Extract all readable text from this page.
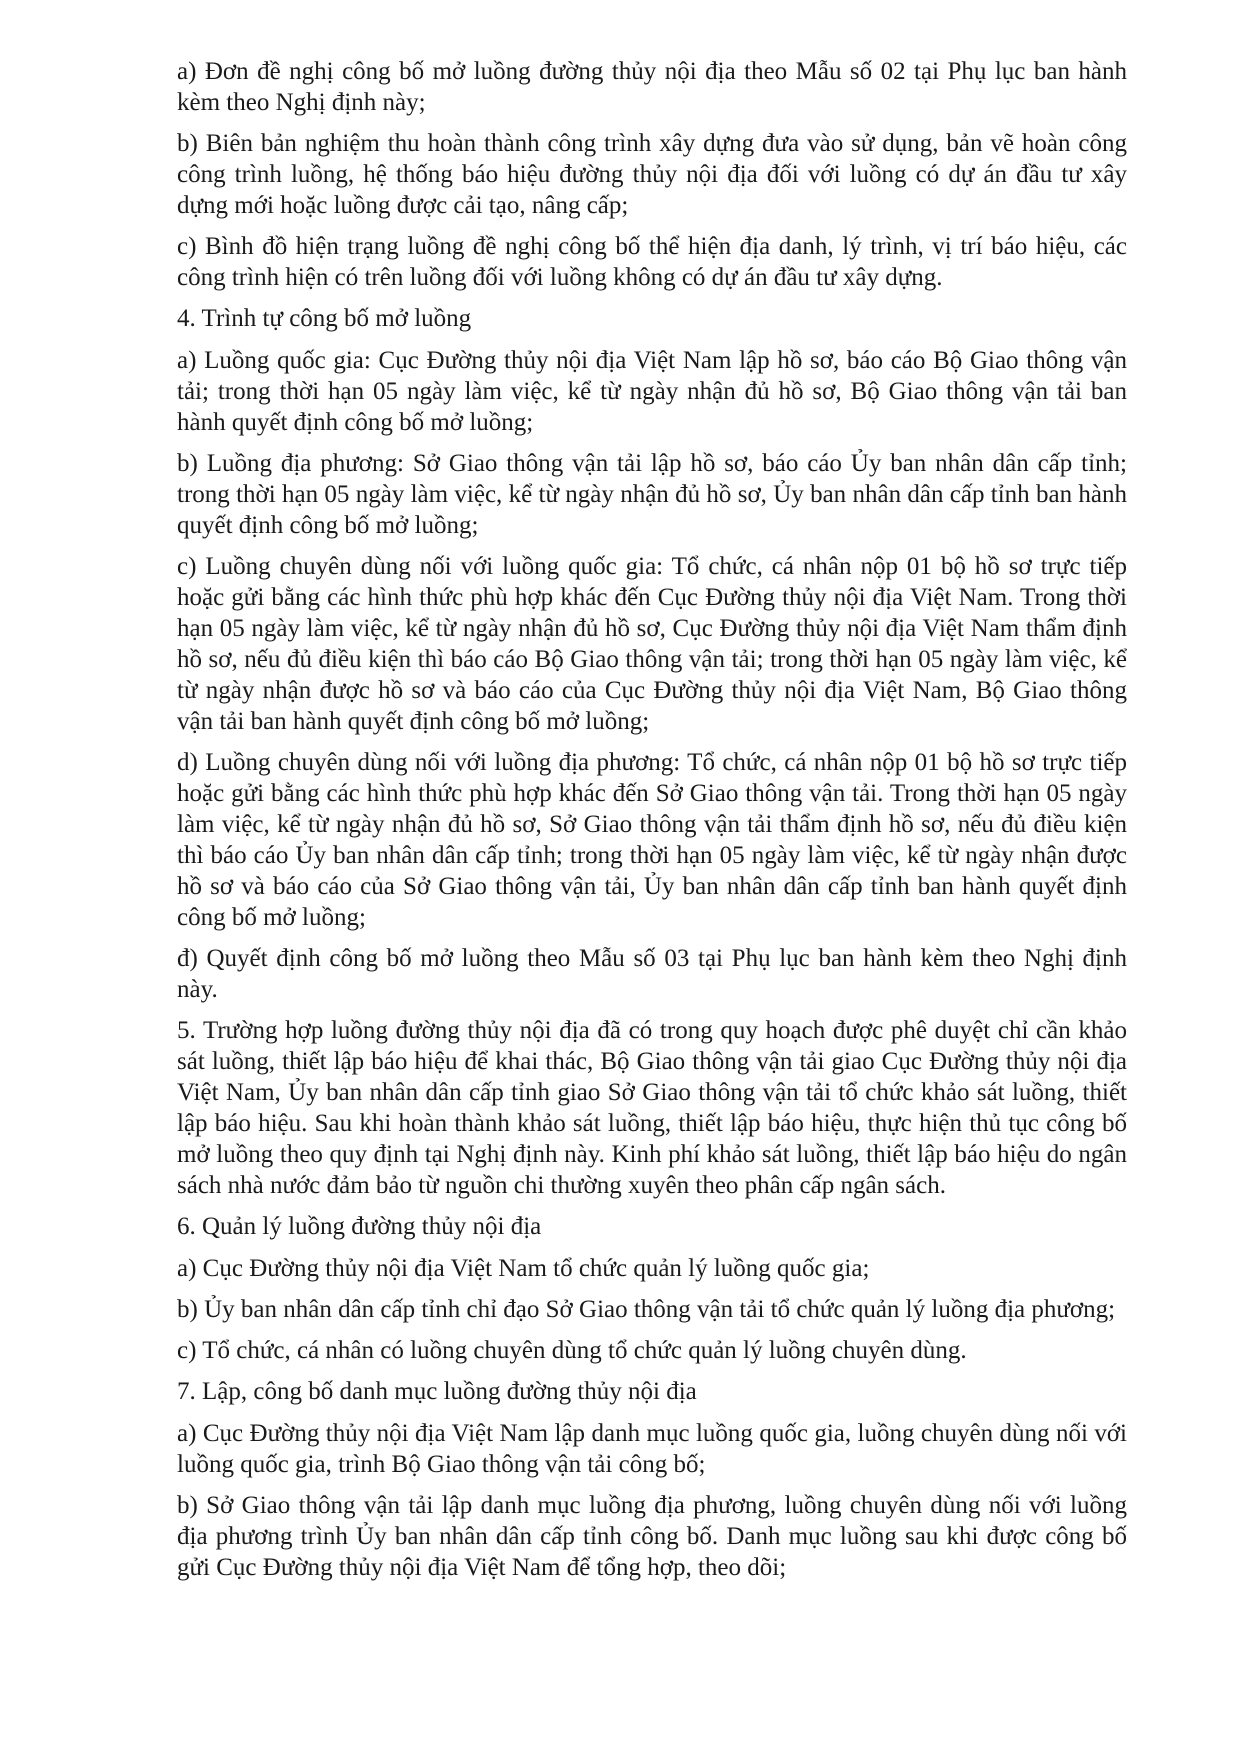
a) Đơn đề nghị công bố mở luồng đường thủy nội địa theo Mẫu số 02 tại Phụ lục ban hành kèm theo Nghị định này;

b) Biên bản nghiệm thu hoàn thành công trình xây dựng đưa vào sử dụng, bản vẽ hoàn công công trình luồng, hệ thống báo hiệu đường thủy nội địa đối với luồng có dự án đầu tư xây dựng mới hoặc luồng được cải tạo, nâng cấp;

c) Bình đồ hiện trạng luồng đề nghị công bố thể hiện địa danh, lý trình, vị trí báo hiệu, các công trình hiện có trên luồng đối với luồng không có dự án đầu tư xây dựng.

4. Trình tự công bố mở luồng

a) Luồng quốc gia: Cục Đường thủy nội địa Việt Nam lập hồ sơ, báo cáo Bộ Giao thông vận tải; trong thời hạn 05 ngày làm việc, kể từ ngày nhận đủ hồ sơ, Bộ Giao thông vận tải ban hành quyết định công bố mở luồng;

b) Luồng địa phương: Sở Giao thông vận tải lập hồ sơ, báo cáo Ủy ban nhân dân cấp tỉnh; trong thời hạn 05 ngày làm việc, kể từ ngày nhận đủ hồ sơ, Ủy ban nhân dân cấp tỉnh ban hành quyết định công bố mở luồng;

c) Luồng chuyên dùng nối với luồng quốc gia: Tổ chức, cá nhân nộp 01 bộ hồ sơ trực tiếp hoặc gửi bằng các hình thức phù hợp khác đến Cục Đường thủy nội địa Việt Nam. Trong thời hạn 05 ngày làm việc, kể từ ngày nhận đủ hồ sơ, Cục Đường thủy nội địa Việt Nam thẩm định hồ sơ, nếu đủ điều kiện thì báo cáo Bộ Giao thông vận tải; trong thời hạn 05 ngày làm việc, kể từ ngày nhận được hồ sơ và báo cáo của Cục Đường thủy nội địa Việt Nam, Bộ Giao thông vận tải ban hành quyết định công bố mở luồng;

d) Luồng chuyên dùng nối với luồng địa phương: Tổ chức, cá nhân nộp 01 bộ hồ sơ trực tiếp hoặc gửi bằng các hình thức phù hợp khác đến Sở Giao thông vận tải. Trong thời hạn 05 ngày làm việc, kể từ ngày nhận đủ hồ sơ, Sở Giao thông vận tải thẩm định hồ sơ, nếu đủ điều kiện thì báo cáo Ủy ban nhân dân cấp tỉnh; trong thời hạn 05 ngày làm việc, kể từ ngày nhận được hồ sơ và báo cáo của Sở Giao thông vận tải, Ủy ban nhân dân cấp tỉnh ban hành quyết định công bố mở luồng;

đ) Quyết định công bố mở luồng theo Mẫu số 03 tại Phụ lục ban hành kèm theo Nghị định này.

5. Trường hợp luồng đường thủy nội địa đã có trong quy hoạch được phê duyệt chỉ cần khảo sát luồng, thiết lập báo hiệu để khai thác, Bộ Giao thông vận tải giao Cục Đường thủy nội địa Việt Nam, Ủy ban nhân dân cấp tỉnh giao Sở Giao thông vận tải tổ chức khảo sát luồng, thiết lập báo hiệu. Sau khi hoàn thành khảo sát luồng, thiết lập báo hiệu, thực hiện thủ tục công bố mở luồng theo quy định tại Nghị định này. Kinh phí khảo sát luồng, thiết lập báo hiệu do ngân sách nhà nước đảm bảo từ nguồn chi thường xuyên theo phân cấp ngân sách.

6. Quản lý luồng đường thủy nội địa

a) Cục Đường thủy nội địa Việt Nam tổ chức quản lý luồng quốc gia;

b) Ủy ban nhân dân cấp tỉnh chỉ đạo Sở Giao thông vận tải tổ chức quản lý luồng địa phương;

c) Tổ chức, cá nhân có luồng chuyên dùng tổ chức quản lý luồng chuyên dùng.

7. Lập, công bố danh mục luồng đường thủy nội địa

a) Cục Đường thủy nội địa Việt Nam lập danh mục luồng quốc gia, luồng chuyên dùng nối với luồng quốc gia, trình Bộ Giao thông vận tải công bố;

b) Sở Giao thông vận tải lập danh mục luồng địa phương, luồng chuyên dùng nối với luồng địa phương trình Ủy ban nhân dân cấp tỉnh công bố. Danh mục luồng sau khi được công bố gửi Cục Đường thủy nội địa Việt Nam để tổng hợp, theo dõi;
